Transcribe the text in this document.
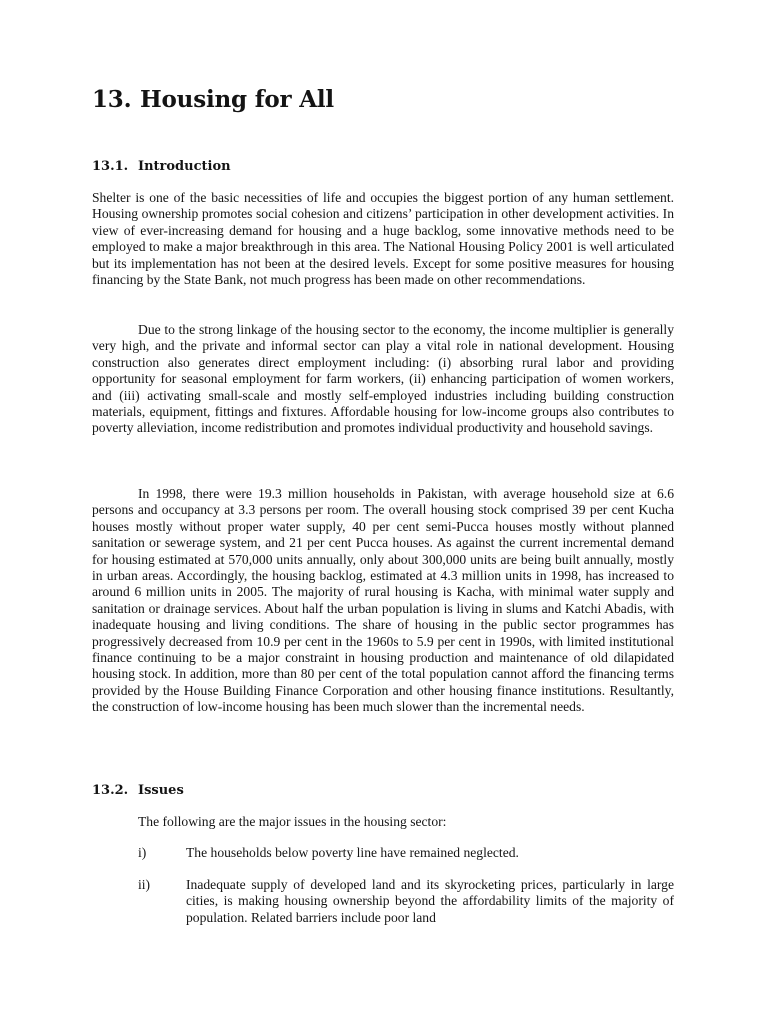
13. Housing for All
13.1. Introduction

Shelter is one of the basic necessities of life and occupies the biggest portion of any human settlement. Housing ownership promotes social cohesion and citizens’ participation in other development activities. In view of ever-increasing demand for housing and a huge backlog, some innovative methods need to be employed to make a major breakthrough in this area. The National Housing Policy 2001 is well articulated but its implementation has not been at the desired levels. Except for some positive measures for housing financing by the State Bank, not much progress has been made on other recommendations.

Due to the strong linkage of the housing sector to the economy, the income multiplier is generally very high, and the private and informal sector can play a vital role in national development. Housing construction also generates direct employment including: (i) absorbing rural labor and providing opportunity for seasonal employment for farm workers, (ii) enhancing participation of women workers, and (iii) activating small-scale and mostly self-employed industries including building construction materials, equipment, fittings and fixtures. Affordable housing for low-income groups also contributes to poverty alleviation, income redistribution and promotes individual productivity and household savings.

In 1998, there were 19.3 million households in Pakistan, with average household size at 6.6 persons and occupancy at 3.3 persons per room. The overall housing stock comprised 39 per cent Kucha houses mostly without proper water supply, 40 per cent semi-Pucca houses mostly without planned sanitation or sewerage system, and 21 per cent Pucca houses. As against the current incremental demand for housing estimated at 570,000 units annually, only about 300,000 units are being built annually, mostly in urban areas. Accordingly, the housing backlog, estimated at 4.3 million units in 1998, has increased to around 6 million units in 2005. The majority of rural housing is Kacha, with minimal water supply and sanitation or drainage services. About half the urban population is living in slums and Katchi Abadis, with inadequate housing and living conditions. The share of housing in the public sector programmes has progressively decreased from 10.9 per cent in the 1960s to 5.9 per cent in 1990s, with limited institutional finance continuing to be a major constraint in housing production and maintenance of old dilapidated housing stock. In addition, more than 80 per cent of the total population cannot afford the financing terms provided by the House Building Finance Corporation and other housing finance institutions. Resultantly, the construction of low-income housing has been much slower than the incremental needs.

13.2. Issues

The following are the major issues in the housing sector:

i)	The households below poverty line have remained neglected.
ii)	Inadequate supply of developed land and its skyrocketing prices, particularly in large cities, is making housing ownership beyond the affordability limits of the majority of population. Related barriers include poor land
